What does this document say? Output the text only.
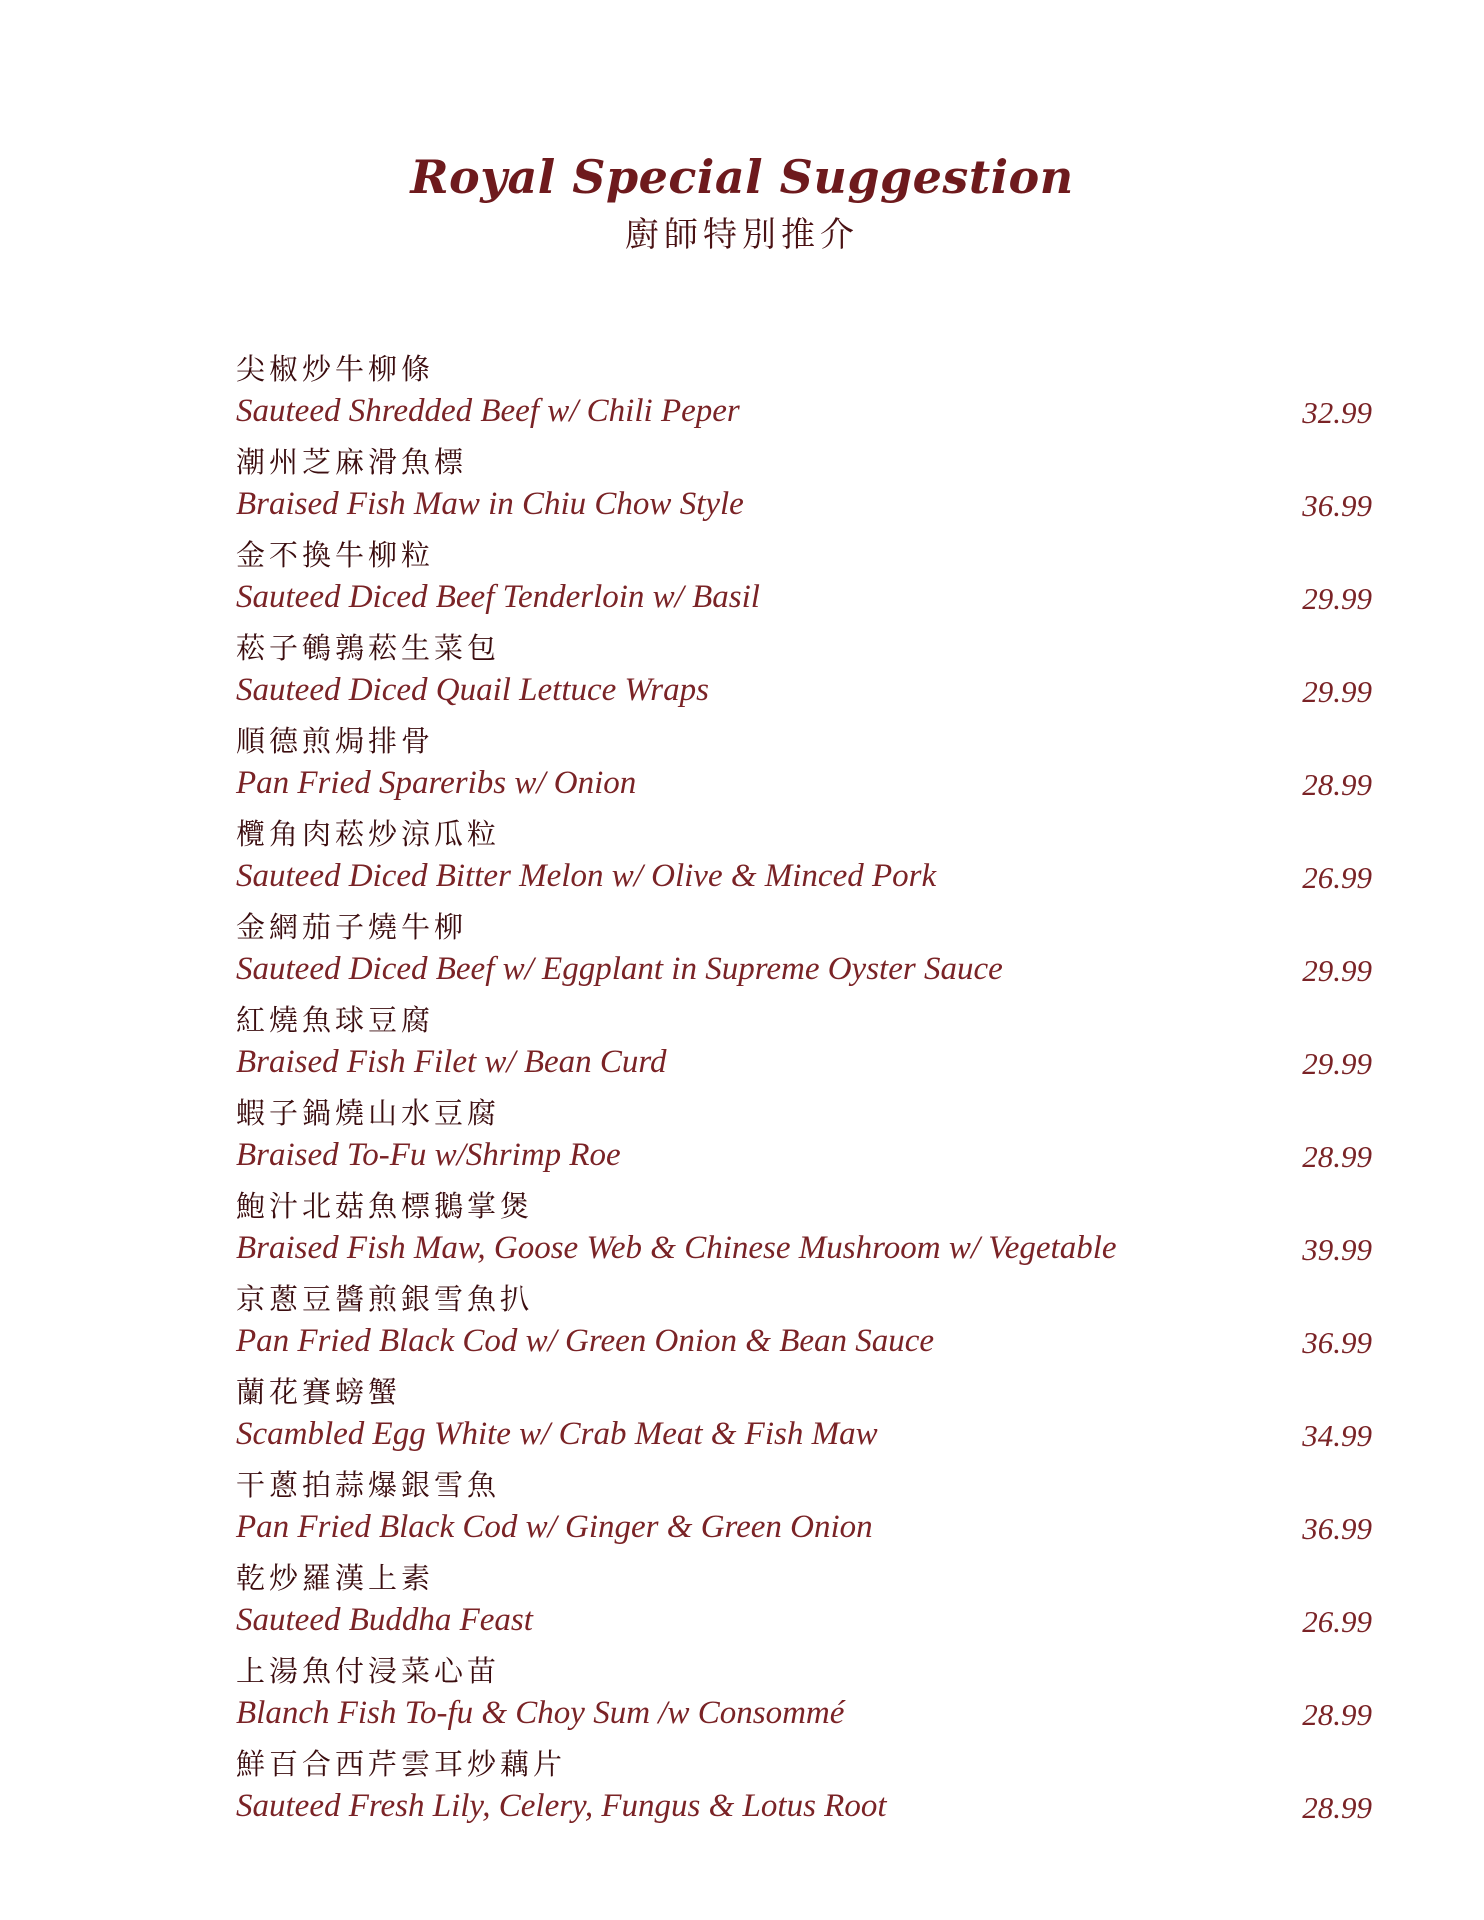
Royal Special Suggestion
廚師特別推介
尖椒炒牛柳條
Sauteed Shredded Beef w/ Chili Peper	32.99
潮州芝麻滑魚標
Braised Fish Maw in Chiu Chow Style	36.99
金不換牛柳粒
Sauteed Diced Beef Tenderloin w/ Basil	29.99
菘子鵪鶉菘生菜包
Sauteed Diced Quail Lettuce Wraps	29.99
順德煎焗排骨
Pan Fried Spareribs w/ Onion	28.99
欖角肉菘炒涼瓜粒
Sauteed Diced Bitter Melon w/ Olive & Minced Pork	26.99
金網茄子燒牛柳
Sauteed Diced Beef w/ Eggplant in Supreme Oyster Sauce	29.99
紅燒魚球豆腐
Braised Fish Filet w/ Bean Curd	29.99
蝦子鍋燒山水豆腐
Braised To-Fu w/Shrimp Roe	28.99
鮑汁北菇魚標鵝掌煲
Braised Fish Maw, Goose Web & Chinese Mushroom w/ Vegetable	39.99
京蔥豆醬煎銀雪魚扒
Pan Fried Black Cod w/ Green Onion & Bean Sauce	36.99
蘭花賽螃蟹
Scambled Egg White w/ Crab Meat & Fish Maw	34.99
干蔥拍蒜爆銀雪魚
Pan Fried Black Cod w/ Ginger & Green Onion	36.99
乾炒羅漢上素
Sauteed Buddha Feast	26.99
上湯魚付浸菜心苗
Blanch Fish To-fu & Choy Sum /w Consommé	28.99
鮮百合西芹雲耳炒藕片
Sauteed Fresh Lily, Celery, Fungus & Lotus Root	28.99
